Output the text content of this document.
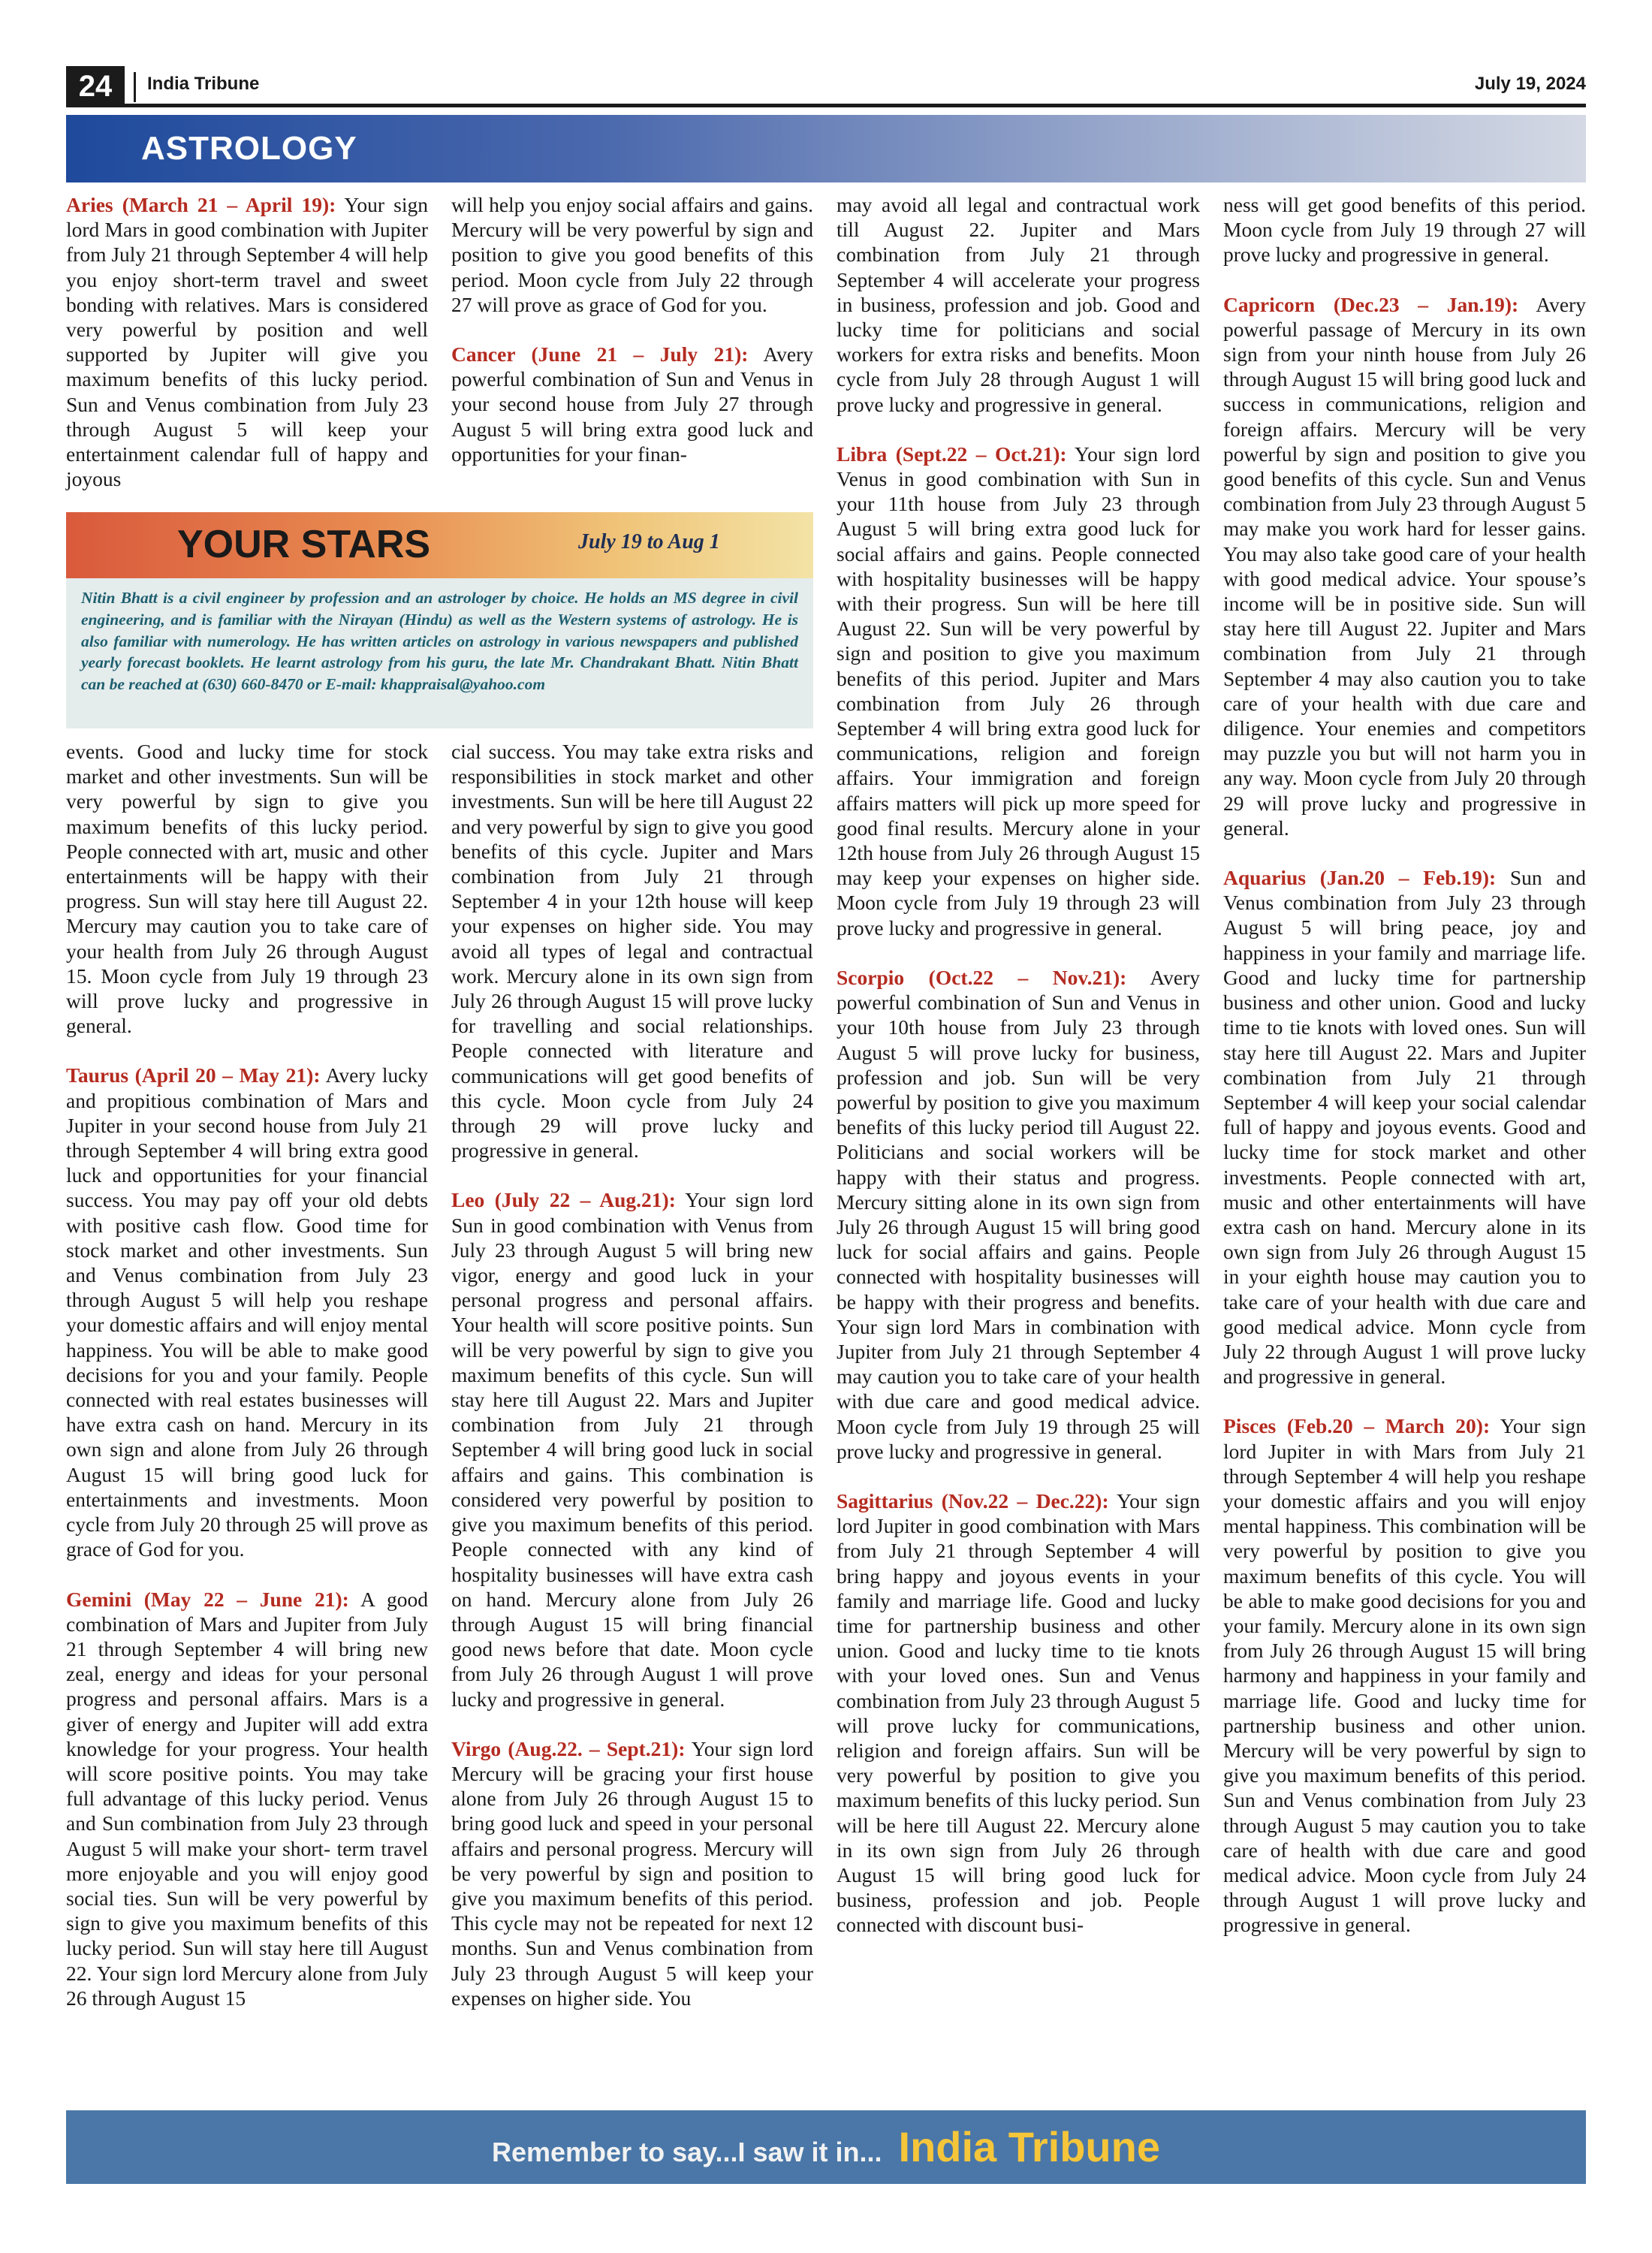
24	India Tribune	July 19, 2024
ASTROLOGY

Aries (March 21 – April 19): Your sign lord Mars in good combination with Jupiter from July 21 through September 4 will help you enjoy short-term travel and sweet bonding with relatives. Mars is considered very powerful by position and well supported by Jupiter will give you maximum benefits of this lucky period. Sun and Venus combination from July 23 through August 5 will keep your entertainment calendar full of happy and joyous

will help you enjoy social affairs and gains. Mercury will be very powerful by sign and position to give you good benefits of this period. Moon cycle from July 22 through 27 will prove as grace of God for you.

Cancer (June 21 – July 21): Avery powerful combination of Sun and Venus in your second house from July 27 through August 5 will bring extra good luck and opportunities for your finan-

YOUR STARS	July 19 to Aug 1
Nitin Bhatt is a civil engineer by profession and an astrologer by choice. He holds an MS degree in civil engineering, and is familiar with the Nirayan (Hindu) as well as the Western systems of astrology. He is also familiar with numerology. He has written articles on astrology in various newspapers and published yearly forecast booklets. He learnt astrology from his guru, the late Mr. Chandrakant Bhatt. Nitin Bhatt can be reached at (630) 660-8470 or E-mail: khappraisal@yahoo.com

events. Good and lucky time for stock market and other investments. Sun will be very powerful by sign to give you maximum benefits of this lucky period. People connected with art, music and other entertainments will be happy with their progress. Sun will stay here till August 22. Mercury may caution you to take care of your health from July 26 through August 15. Moon cycle from July 19 through 23 will prove lucky and progressive in general.

Taurus (April 20 – May 21): Avery lucky and propitious combination of Mars and Jupiter in your second house from July 21 through September 4 will bring extra good luck and opportunities for your financial success. You may pay off your old debts with positive cash flow. Good time for stock market and other investments. Sun and Venus combination from July 23 through August 5 will help you reshape your domestic affairs and will enjoy mental happiness. You will be able to make good decisions for you and your family. People connected with real estates businesses will have extra cash on hand. Mercury in its own sign and alone from July 26 through August 15 will bring good luck for entertainments and investments. Moon cycle from July 20 through 25 will prove as grace of God for you.

Gemini (May 22 – June 21): A good combination of Mars and Jupiter from July 21 through September 4 will bring new zeal, energy and ideas for your personal progress and personal affairs. Mars is a giver of energy and Jupiter will add extra knowledge for your progress. Your health will score positive points. You may take full advantage of this lucky period. Venus and Sun combination from July 23 through August 5 will make your short- term travel more enjoyable and you will enjoy good social ties. Sun will be very powerful by sign to give you maximum benefits of this lucky period. Sun will stay here till August 22. Your sign lord Mercury alone from July 26 through August 15

cial success. You may take extra risks and responsibilities in stock market and other investments. Sun will be here till August 22 and very powerful by sign to give you good benefits of this cycle. Jupiter and Mars combination from July 21 through September 4 in your 12th house will keep your expenses on higher side. You may avoid all types of legal and contractual work. Mercury alone in its own sign from July 26 through August 15 will prove lucky for travelling and social relationships. People connected with literature and communications will get good benefits of this cycle. Moon cycle from July 24 through 29 will prove lucky and progressive in general.

Leo (July 22 – Aug.21): Your sign lord Sun in good combination with Venus from July 23 through August 5 will bring new vigor, energy and good luck in your personal progress and personal affairs. Your health will score positive points. Sun will be very powerful by sign to give you maximum benefits of this cycle. Sun will stay here till August 22. Mars and Jupiter combination from July 21 through September 4 will bring good luck in social affairs and gains. This combination is considered very powerful by position to give you maximum benefits of this period. People connected with any kind of hospitality businesses will have extra cash on hand. Mercury alone from July 26 through August 15 will bring financial good news before that date. Moon cycle from July 26 through August 1 will prove lucky and progressive in general.

Virgo (Aug.22. – Sept.21): Your sign lord Mercury will be gracing your first house alone from July 26 through August 15 to bring good luck and speed in your personal affairs and personal progress. Mercury will be very powerful by sign and position to give you maximum benefits of this period. This cycle may not be repeated for next 12 months. Sun and Venus combination from July 23 through August 5 will keep your expenses on higher side. You

may avoid all legal and contractual work till August 22. Jupiter and Mars combination from July 21 through September 4 will accelerate your progress in business, profession and job. Good and lucky time for politicians and social workers for extra risks and benefits. Moon cycle from July 28 through August 1 will prove lucky and progressive in general.

Libra (Sept.22 – Oct.21): Your sign lord Venus in good combination with Sun in your 11th house from July 23 through August 5 will bring extra good luck for social affairs and gains. People connected with hospitality businesses will be happy with their progress. Sun will be here till August 22. Sun will be very powerful by sign and position to give you maximum benefits of this period. Jupiter and Mars combination from July 26 through September 4 will bring extra good luck for communications, religion and foreign affairs. Your immigration and foreign affairs matters will pick up more speed for good final results. Mercury alone in your 12th house from July 26 through August 15 may keep your expenses on higher side. Moon cycle from July 19 through 23 will prove lucky and progressive in general.

Scorpio (Oct.22 – Nov.21): Avery powerful combination of Sun and Venus in your 10th house from July 23 through August 5 will prove lucky for business, profession and job. Sun will be very powerful by position to give you maximum benefits of this lucky period till August 22. Politicians and social workers will be happy with their status and progress. Mercury sitting alone in its own sign from July 26 through August 15 will bring good luck for social affairs and gains. People connected with hospitality businesses will be happy with their progress and benefits. Your sign lord Mars in combination with Jupiter from July 21 through September 4 may caution you to take care of your health with due care and good medical advice. Moon cycle from July 19 through 25 will prove lucky and progressive in general.

Sagittarius (Nov.22 – Dec.22): Your sign lord Jupiter in good combination with Mars from July 21 through September 4 will bring happy and joyous events in your family and marriage life. Good and lucky time for partnership business and other union. Good and lucky time to tie knots with your loved ones. Sun and Venus combination from July 23 through August 5 will prove lucky for communications, religion and foreign affairs. Sun will be very powerful by position to give you maximum benefits of this lucky period. Sun will be here till August 22. Mercury alone in its own sign from July 26 through August 15 will bring good luck for business, profession and job. People connected with discount busi-

ness will get good benefits of this period. Moon cycle from July 19 through 27 will prove lucky and progressive in general.

Capricorn (Dec.23 – Jan.19): Avery powerful passage of Mercury in its own sign from your ninth house from July 26 through August 15 will bring good luck and success in communications, religion and foreign affairs. Mercury will be very powerful by sign and position to give you good benefits of this cycle. Sun and Venus combination from July 23 through August 5 may make you work hard for lesser gains. You may also take good care of your health with good medical advice. Your spouse’s income will be in positive side. Sun will stay here till August 22. Jupiter and Mars combination from July 21 through September 4 may also caution you to take care of your health with due care and diligence. Your enemies and competitors may puzzle you but will not harm you in any way. Moon cycle from July 20 through 29 will prove lucky and progressive in general.

Aquarius (Jan.20 – Feb.19): Sun and Venus combination from July 23 through August 5 will bring peace, joy and happiness in your family and marriage life. Good and lucky time for partnership business and other union. Good and lucky time to tie knots with loved ones. Sun will stay here till August 22. Mars and Jupiter combination from July 21 through September 4 will keep your social calendar full of happy and joyous events. Good and lucky time for stock market and other investments. People connected with art, music and other entertainments will have extra cash on hand. Mercury alone in its own sign from July 26 through August 15 in your eighth house may caution you to take care of your health with due care and good medical advice. Monn cycle from July 22 through August 1 will prove lucky and progressive in general.

Pisces (Feb.20 – March 20): Your sign lord Jupiter in with Mars from July 21 through September 4 will help you reshape your domestic affairs and you will enjoy mental happiness. This combination will be very powerful by position to give you maximum benefits of this cycle. You will be able to make good decisions for you and your family. Mercury alone in its own sign from July 26 through August 15 will bring harmony and happiness in your family and marriage life. Good and lucky time for partnership business and other union. Mercury will be very powerful by sign to give you maximum benefits of this period. Sun and Venus combination from July 23 through August 5 may caution you to take care of health with due care and good medical advice. Moon cycle from July 24 through August 1 will prove lucky and progressive in general.

Remember to say...I saw it in... India Tribune
